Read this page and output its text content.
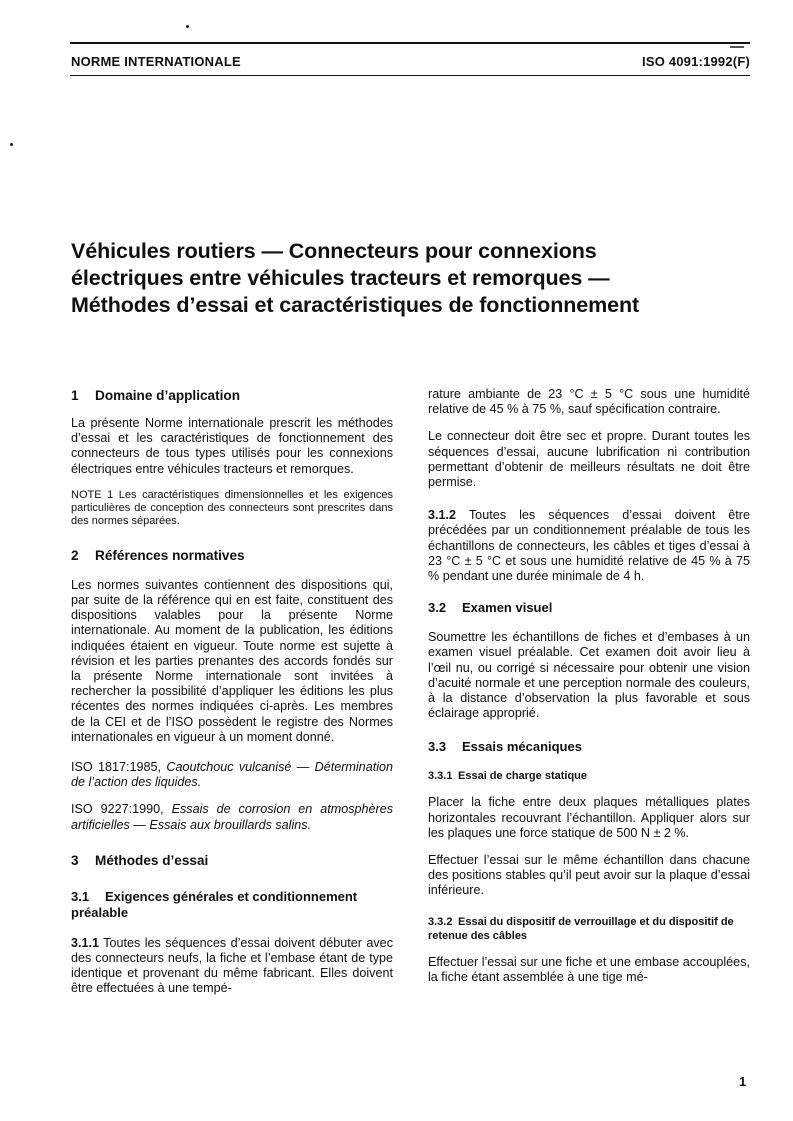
NORME INTERNATIONALE	ISO 4091:1992(F)
Véhicules routiers — Connecteurs pour connexions
électriques entre véhicules tracteurs et remorques —
Méthodes d’essai et caractéristiques de fonctionnement
1 Domaine d’application

La présente Norme internationale prescrit les méthodes d’essai et les caractéristiques de fonctionnement des connecteurs de tous types utilisés pour les connexions électriques entre véhicules tracteurs et remorques.

NOTE 1 Les caractéristiques dimensionnelles et les exigences particulières de conception des connecteurs sont prescrites dans des normes séparées.

2 Références normatives

Les normes suivantes contiennent des dispositions qui, par suite de la référence qui en est faite, constituent des dispositions valables pour la présente Norme internationale. Au moment de la publication, les éditions indiquées étaient en vigueur. Toute norme est sujette à révision et les parties prenantes des accords fondés sur la présente Norme internationale sont invitées à rechercher la possibilité d’appliquer les éditions les plus récentes des normes indiquées ci-après. Les membres de la CEI et de l’ISO possèdent le registre des Normes internationales en vigueur à un moment donné.

ISO 1817:1985, Caoutchouc vulcanisé — Détermination de l’action des liquides.

ISO 9227:1990, Essais de corrosion en atmosphères artificielles — Essais aux brouillards salins.

3 Méthodes d’essai
3.1 Exigences générales et conditionnement préalable

3.1.1 Toutes les séquences d’essai doivent débuter avec des connecteurs neufs, la fiche et l’embase étant de type identique et provenant du même fabricant. Elles doivent être effectuées à une tempé-

rature ambiante de 23 °C ± 5 °C sous une humidité relative de 45 % à 75 %, sauf spécification contraire.

Le connecteur doit être sec et propre. Durant toutes les séquences d’essai, aucune lubrification ni contribution permettant d’obtenir de meilleurs résultats ne doit être permise.

3.1.2 Toutes les séquences d’essai doivent être précédées par un conditionnement préalable de tous les échantillons de connecteurs, les câbles et tiges d’essai à 23 °C ± 5 °C et sous une humidité relative de 45 % à 75 % pendant une durée minimale de 4 h.

3.2 Examen visuel

Soumettre les échantillons de fiches et d’embases à un examen visuel préalable. Cet examen doit avoir lieu à l’œil nu, ou corrigé si nécessaire pour obtenir une vision d’acuité normale et une perception normale des couleurs, à la distance d’observation la plus favorable et sous éclairage approprié.

3.3 Essais mécaniques
3.3.1 Essai de charge statique

Placer la fiche entre deux plaques métalliques plates horizontales recouvrant l’échantillon. Appliquer alors sur les plaques une force statique de 500 N ± 2 %.

Effectuer l’essai sur le même échantillon dans chacune des positions stables qu’il peut avoir sur la plaque d’essai inférieure.

3.3.2 Essai du dispositif de verrouillage et du dispositif de retenue des câbles

Effectuer l’essai sur une fiche et une embase accouplées, la fiche étant assemblée à une tige mé-

1
